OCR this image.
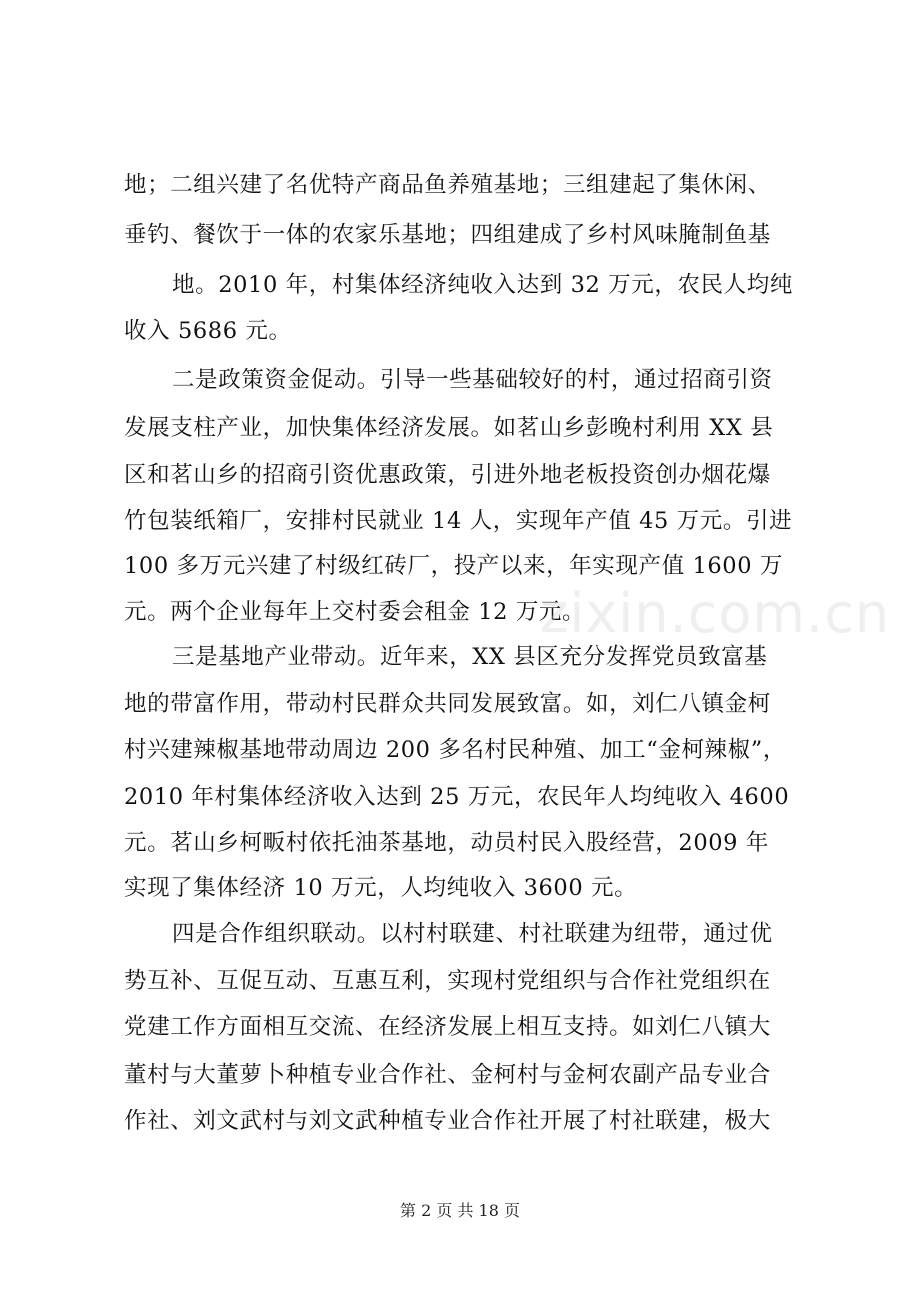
地；二组兴建了名优特产商品鱼养殖基地；三组建起了集休闲、
垂钓、餐饮于一体的农家乐基地；四组建成了乡村风味腌制鱼基
地。2010 年，村集体经济纯收入达到 32 万元，农民人均纯
收入 5686 元。
二是政策资金促动。引导一些基础较好的村，通过招商引资
发展支柱产业，加快集体经济发展。如茗山乡彭晚村利用 XX 县
区和茗山乡的招商引资优惠政策，引进外地老板投资创办烟花爆
竹包装纸箱厂，安排村民就业 14 人，实现年产值 45 万元。引进
100 多万元兴建了村级红砖厂，投产以来，年实现产值 1600 万
元。两个企业每年上交村委会租金 12 万元。
三是基地产业带动。近年来，XX 县区充分发挥党员致富基
地的带富作用，带动村民群众共同发展致富。如，刘仁八镇金柯
村兴建辣椒基地带动周边 200 多名村民种殖、加工“金柯辣椒”，
2010 年村集体经济收入达到 25 万元，农民年人均纯收入 4600
元。茗山乡柯畈村依托油茶基地，动员村民入股经营，2009 年
实现了集体经济 10 万元，人均纯收入 3600 元。
四是合作组织联动。以村村联建、村社联建为纽带，通过优
势互补、互促互动、互惠互利，实现村党组织与合作社党组织在
党建工作方面相互交流、在经济发展上相互支持。如刘仁八镇大
董村与大董萝卜种植专业合作社、金柯村与金柯农副产品专业合
作社、刘文武村与刘文武种植专业合作社开展了村社联建，极大
zixin.com.cn
第 2 页 共 18 页
